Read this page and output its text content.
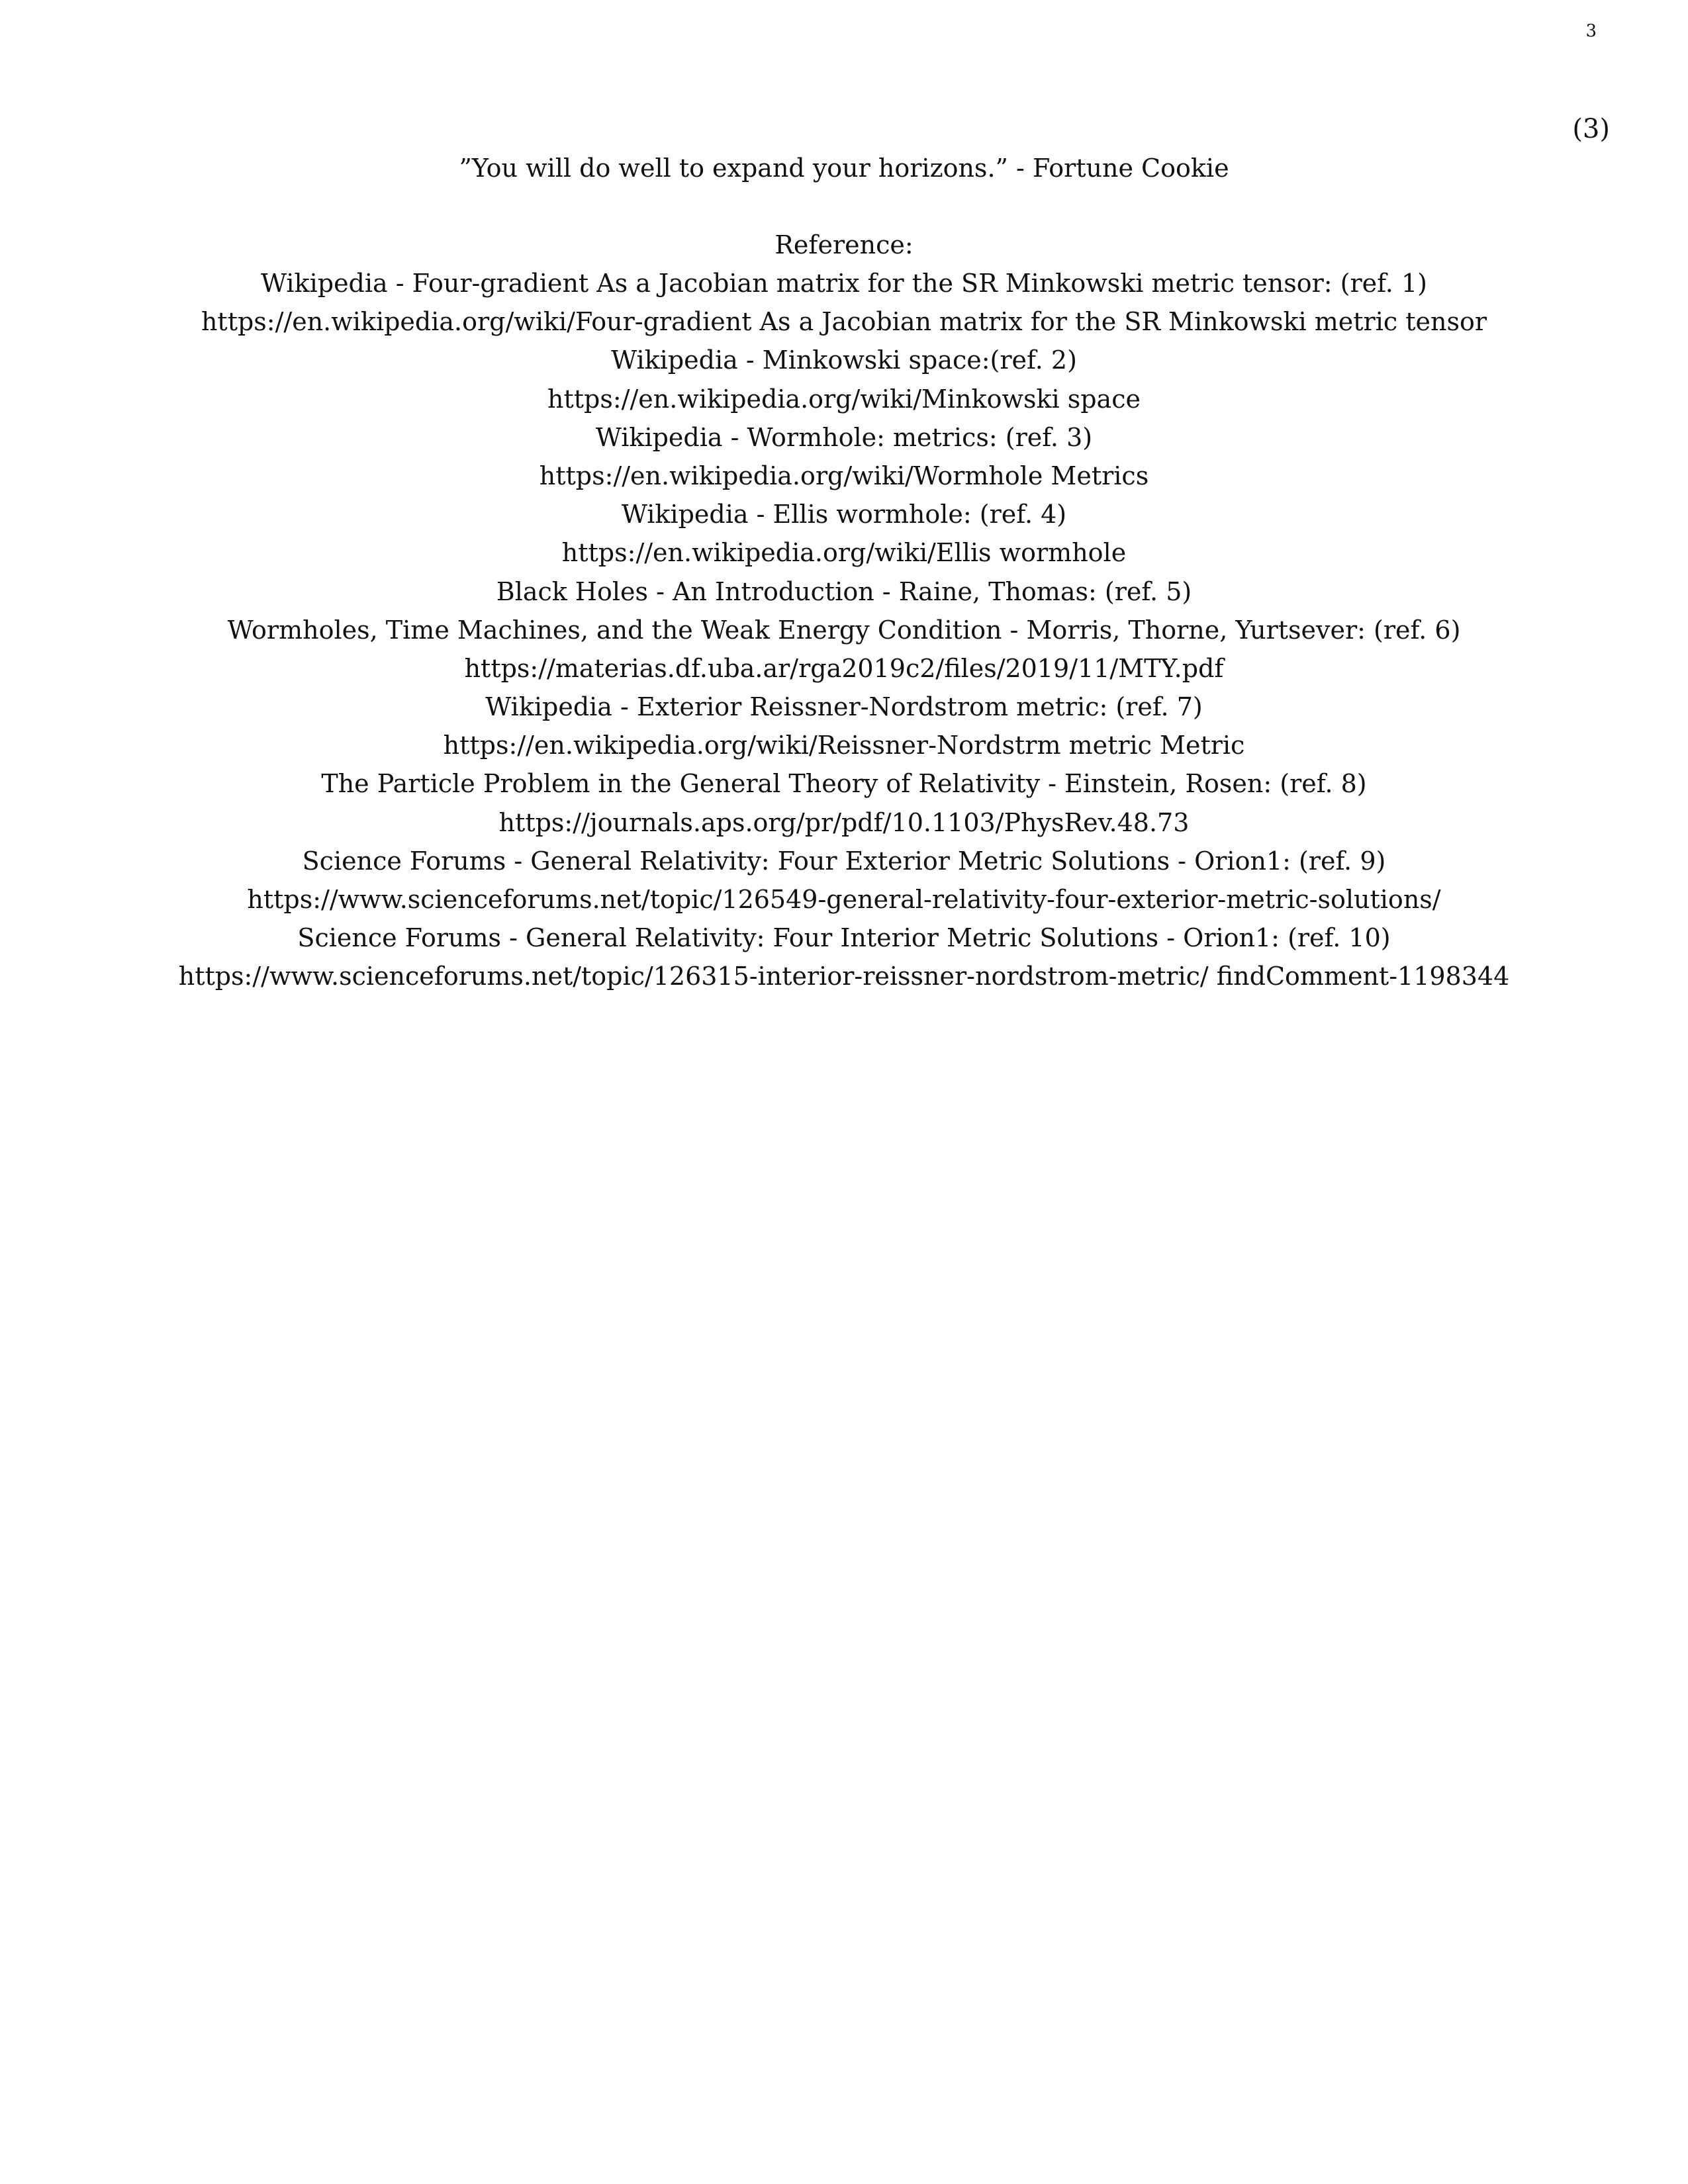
3
(3)
”You will do well to expand your horizons.” - Fortune Cookie
Reference:
Wikipedia - Four-gradient As a Jacobian matrix for the SR Minkowski metric tensor: (ref. 1)
https://en.wikipedia.org/wiki/Four-gradient As a Jacobian matrix for the SR Minkowski metric tensor
Wikipedia - Minkowski space:(ref. 2)
https://en.wikipedia.org/wiki/Minkowski space
Wikipedia - Wormhole: metrics: (ref. 3)
https://en.wikipedia.org/wiki/Wormhole Metrics
Wikipedia - Ellis wormhole: (ref. 4)
https://en.wikipedia.org/wiki/Ellis wormhole
Black Holes - An Introduction - Raine, Thomas: (ref. 5)
Wormholes, Time Machines, and the Weak Energy Condition - Morris, Thorne, Yurtsever: (ref. 6)
https://materias.df.uba.ar/rga2019c2/files/2019/11/MTY.pdf
Wikipedia - Exterior Reissner-Nordstrom metric: (ref. 7)
https://en.wikipedia.org/wiki/Reissner-Nordstrm metric Metric
The Particle Problem in the General Theory of Relativity - Einstein, Rosen: (ref. 8)
https://journals.aps.org/pr/pdf/10.1103/PhysRev.48.73
Science Forums - General Relativity: Four Exterior Metric Solutions - Orion1: (ref. 9)
https://www.scienceforums.net/topic/126549-general-relativity-four-exterior-metric-solutions/
Science Forums - General Relativity: Four Interior Metric Solutions - Orion1: (ref. 10)
https://www.scienceforums.net/topic/126315-interior-reissner-nordstrom-metric/ findComment-1198344
